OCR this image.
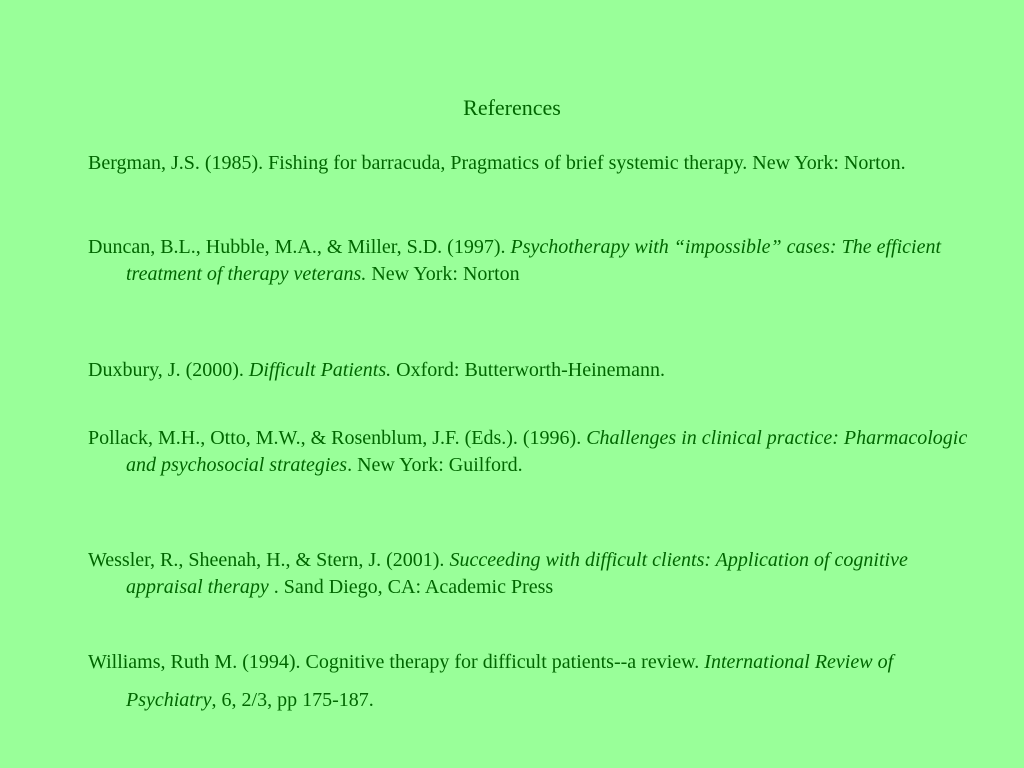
References
Bergman, J.S. (1985). Fishing for barracuda, Pragmatics of brief systemic therapy. New York: Norton.
Duncan, B.L., Hubble, M.A., & Miller, S.D. (1997). Psychotherapy with “impossible” cases: The efficient treatment of therapy veterans. New York: Norton
Duxbury, J. (2000). Difficult Patients. Oxford: Butterworth-Heinemann.
Pollack, M.H., Otto, M.W., & Rosenblum, J.F. (Eds.). (1996). Challenges in clinical practice: Pharmacologic and psychosocial strategies. New York: Guilford.
Wessler, R., Sheenah, H., & Stern, J. (2001). Succeeding with difficult clients: Application of cognitive appraisal therapy . Sand Diego, CA: Academic Press
Williams, Ruth M. (1994). Cognitive therapy for difficult patients--a review. International Review of Psychiatry, 6, 2/3, pp 175-187.
